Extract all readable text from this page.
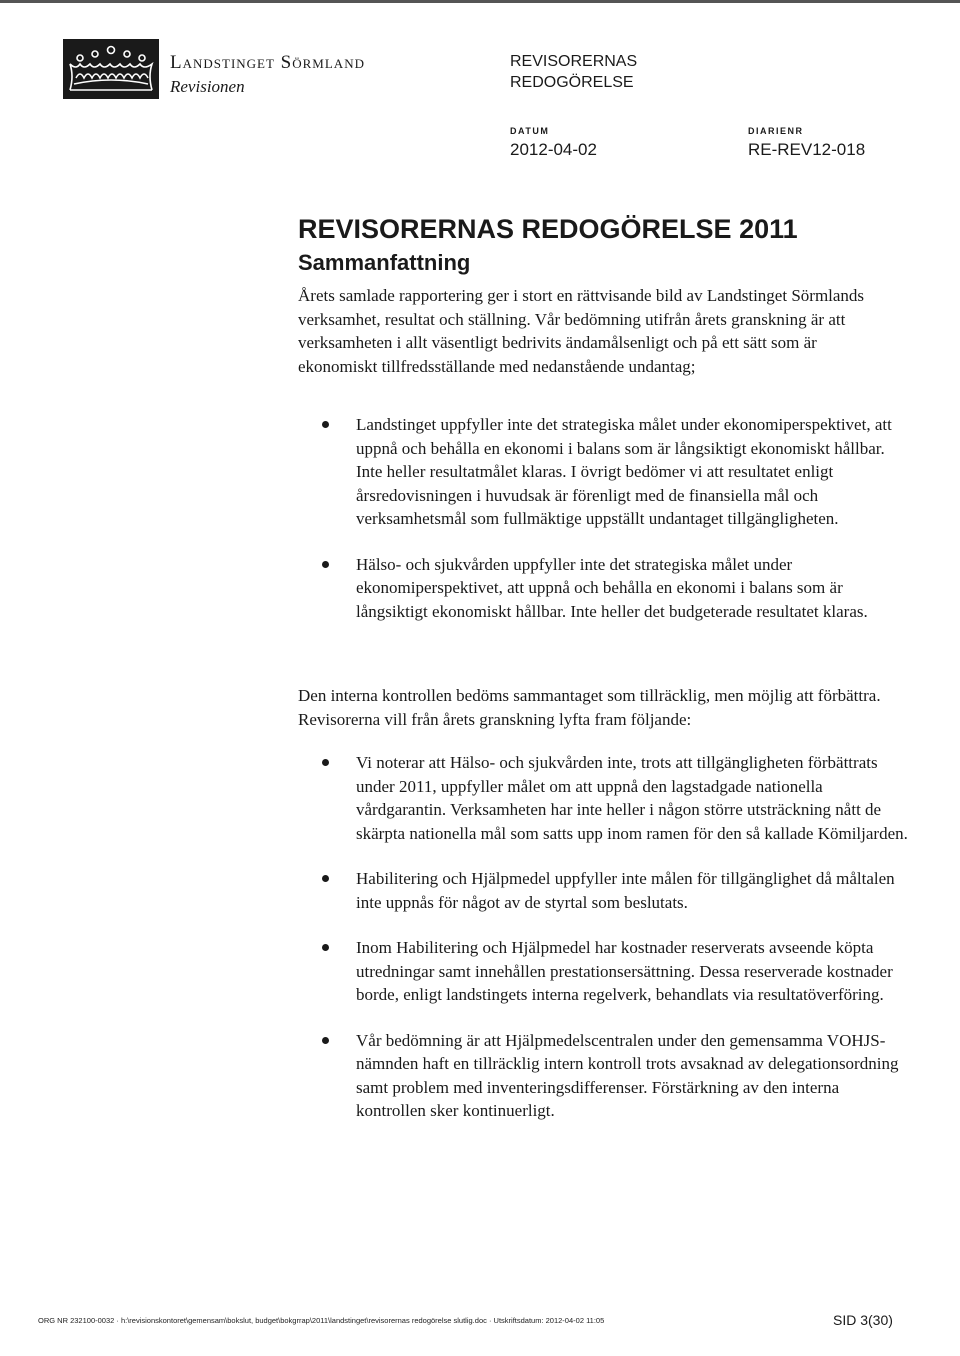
Landstinget Sörmland
Revisionen
REVISORERNAS
REDOGÖRELSE
DATUM
2012-04-02
DIARIENR
RE-REV12-018
REVISORERNAS REDOGÖRELSE 2011
Sammanfattning

Årets samlade rapportering ger i stort en rättvisande bild av Landstinget Sörmlands verksamhet, resultat och ställning. Vår bedömning utifrån årets granskning är att verksamheten i allt väsentligt bedrivits ändamålsenligt och på ett sätt som är ekonomiskt tillfredsställande med nedanstående undantag;

Landstinget uppfyller inte det strategiska målet under ekonomiperspektivet, att uppnå och behålla en ekonomi i balans som är långsiktigt ekonomiskt hållbar. Inte heller resultatmålet klaras. I övrigt bedömer vi att resultatet enligt årsredovisningen i huvudsak är förenligt med de finansiella mål och verksamhetsmål som fullmäktige uppställt undantaget tillgängligheten.
Hälso- och sjukvården uppfyller inte det strategiska målet under ekonomiperspektivet, att uppnå och behålla en ekonomi i balans som är långsiktigt ekonomiskt hållbar. Inte heller det budgeterade resultatet klaras.

Den interna kontrollen bedöms sammantaget som tillräcklig, men möjlig att förbättra. Revisorerna vill från årets granskning lyfta fram följande:

Vi noterar att Hälso- och sjukvården inte, trots att tillgängligheten förbättrats under 2011, uppfyller målet om att uppnå den lagstadgade nationella vårdgarantin. Verksamheten har inte heller i någon större utsträckning nått de skärpta nationella mål som satts upp inom ramen för den så kallade Kömiljarden.
Habilitering och Hjälpmedel uppfyller inte målen för tillgänglighet då måltalen inte uppnås för något av de styrtal som beslutats.
Inom Habilitering och Hjälpmedel har kostnader reserverats avseende köpta utredningar samt innehållen prestationsersättning. Dessa reserverade kostnader borde, enligt landstingets interna regelverk, behandlats via resultatöverföring.
Vår bedömning är att Hjälpmedelscentralen under den gemensamma VOHJS-nämnden haft en tillräcklig intern kontroll trots avsaknad av delegationsordning samt problem med inventeringsdifferenser. Förstärkning av den interna kontrollen sker kontinuerligt.
ORG NR 232100-0032 · h:\revisionskontoret\gemensam\bokslut, budget\bokgrrap\2011\landstinget\revisorernas redogörelse slutlig.doc · Utskriftsdatum: 2012-04-02 11:05	SID 3(30)
